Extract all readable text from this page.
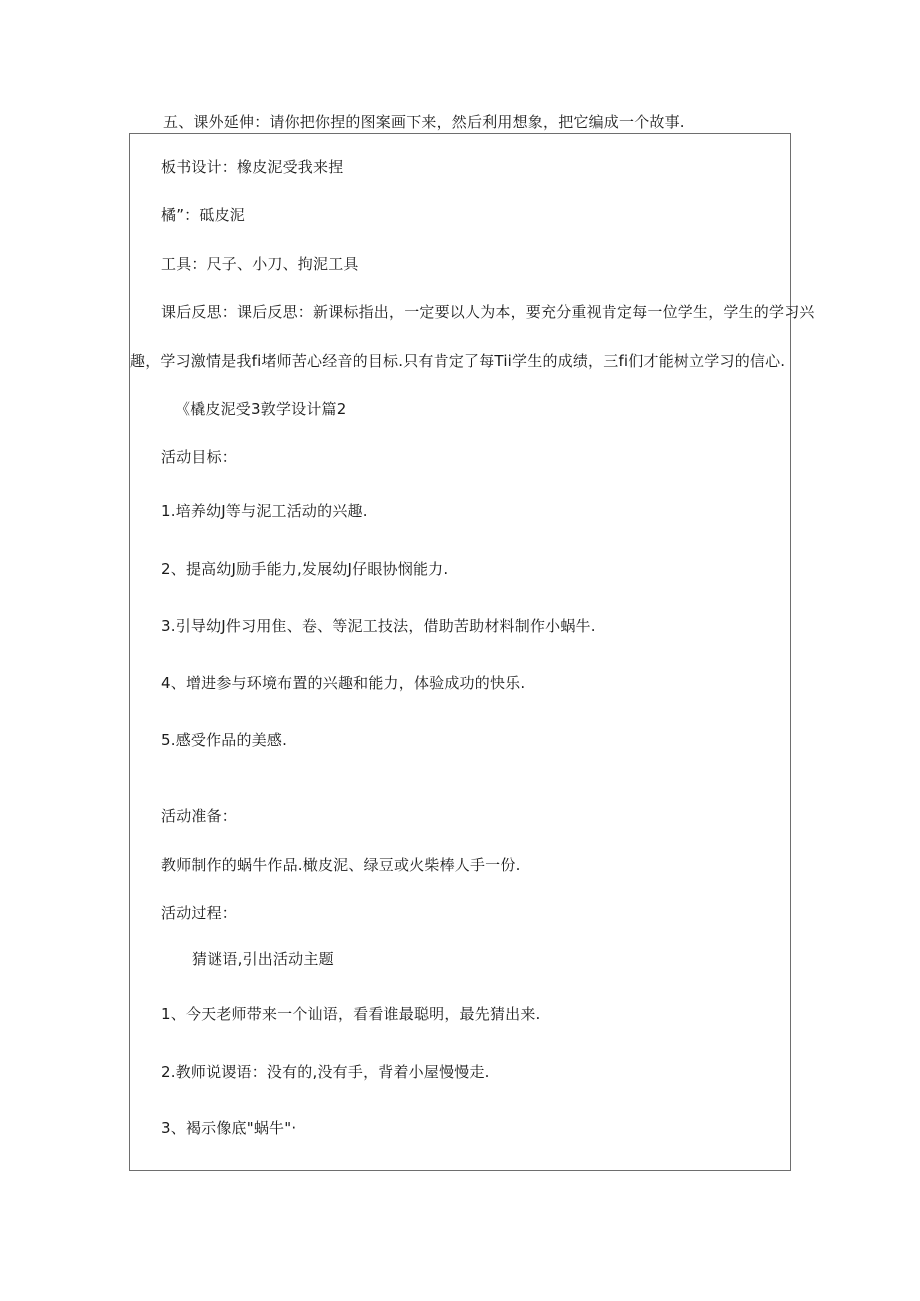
五、课外延伸：请你把你捏的图案画下来，然后利用想象，把它编成一个故事.
板书设计：橡皮泥受我来捏
橘”：砥皮泥
工具：尺子、小刀、拘泥工具
课后反思：课后反思：新课标指出，一定要以人为本，要充分重视肯定每一位学生，学生的学习兴
趣，学习激情是我fi堵师苦心经音的目标.只有肯定了每Tii学生的成绩，三fi们才能树立学习的信心.
《橇皮泥受3敦学设计篇2
活动目标：
1.培养幼J等与泥工活动的兴趣.
2、提高幼J励手能力,发展幼J仔眼协悯能力.
3.引导幼J件习用隹、卷、等泥工技法，借助苦助材料制作小蜗牛.
4、增进参与环境布置的兴趣和能力，体验成功的快乐.
5.感受作品的美感.
活动准备：
教师制作的蜗牛作品.橄皮泥、绿豆或火柴棒人手一份.
活动过程：
猜谜语,引出活动主题
1、今天老师带来一个讪语，看看谁最聪明，最先猜出来.
2.教师说谡语：没有的,没有手，背着小屋慢慢走.
3、褐示像底"蜗牛"·
